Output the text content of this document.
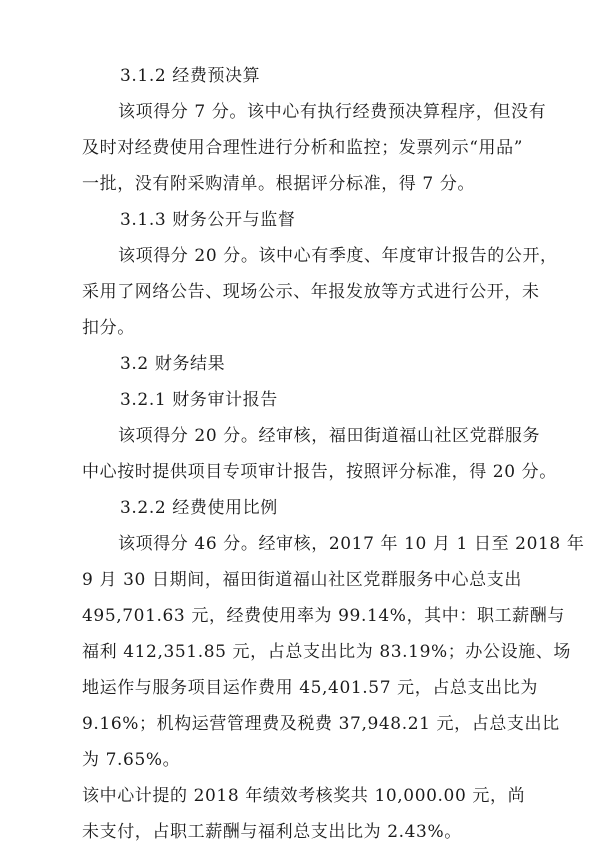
3.1.2 经费预决算
该项得分 7 分。该中心有执行经费预决算程序，但没有
及时对经费使用合理性进行分析和监控；发票列示“用品”
一批，没有附采购清单。根据评分标准，得 7 分。
3.1.3 财务公开与监督
该项得分 20 分。该中心有季度、年度审计报告的公开，
采用了网络公告、现场公示、年报发放等方式进行公开，未
扣分。
3.2 财务结果
3.2.1 财务审计报告
该项得分 20 分。经审核，福田街道福山社区党群服务
中心按时提供项目专项审计报告，按照评分标准，得 20 分。
3.2.2 经费使用比例
该项得分 46 分。经审核，2017 年 10 月 1 日至 2018 年
9 月 30 日期间，福田街道福山社区党群服务中心总支出
495,701.63 元，经费使用率为 99.14%，其中：职工薪酬与
福利 412,351.85 元，占总支出比为 83.19%；办公设施、场
地运作与服务项目运作费用 45,401.57 元，占总支出比为
9.16%；机构运营管理费及税费 37,948.21 元，占总支出比
为 7.65%。
该中心计提的 2018 年绩效考核奖共 10,000.00 元，尚
未支付，占职工薪酬与福利总支出比为 2.43%。
